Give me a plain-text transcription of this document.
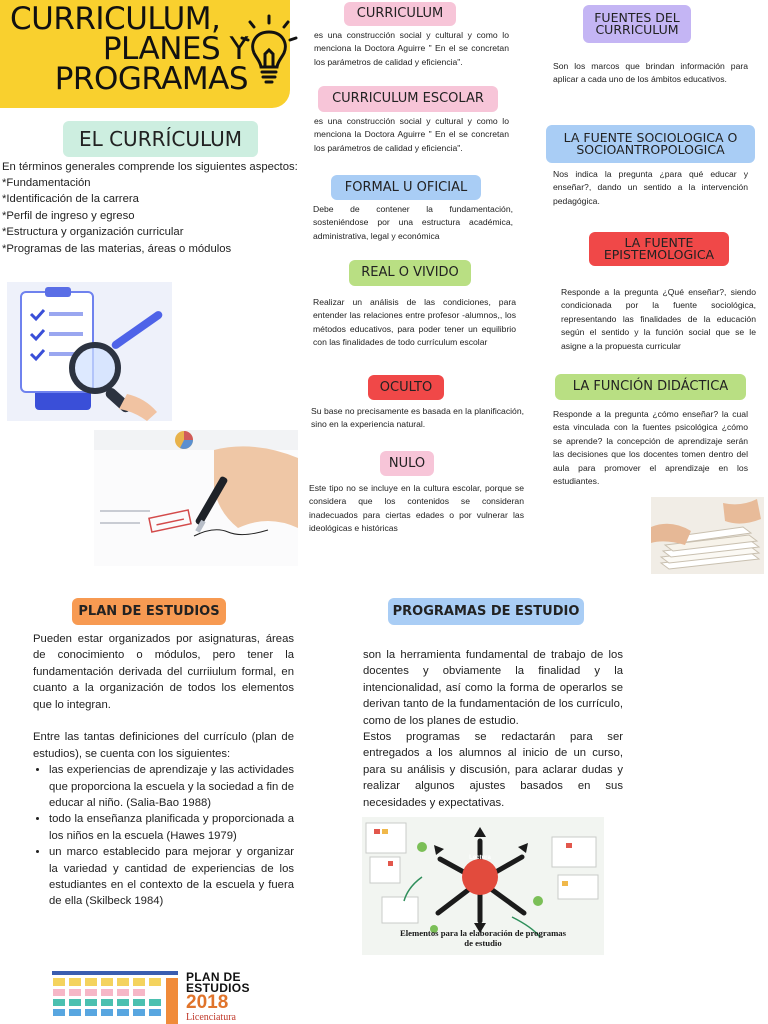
CURRICULUM,
PLANES Y
PROGRAMAS
EL CURRÍCULUM
En términos generales comprende los siguientes aspectos:
*Fundamentación
*Identificación de la carrera
*Perfil de ingreso y egreso
*Estructura y organización curricular
*Programas de las materias, áreas o módulos
CURRICULUM
es una construcción social y cultural y como lo menciona la Doctora Aguirre " En el se concretan los parámetros de calidad y eficiencia".
CURRICULUM ESCOLAR
es una construcción social y cultural y como lo menciona la Doctora Aguirre " En el se concretan los parámetros de calidad y eficiencia".
FORMAL U OFICIAL
Debe de contener la fundamentación, sosteniéndose por una estructura académica, administrativa, legal y económica
REAL O VIVIDO
Realizar un análisis de las condiciones, para entender las relaciones entre profesor -alumnos,, los métodos educativos, para poder tener un equilibrio con las finalidades de todo currículum escolar
OCULTO
Su base no precisamente es basada en la planificación, sino en la experiencia natural.
NULO
Este tipo no se incluye en la cultura escolar, porque se considera que los contenidos se consideran inadecuados para ciertas edades o por vulnerar las ideológicas e históricas
FUENTES DEL
CURRICULUM
Son los marcos que brindan información para aplicar a cada uno de los ámbitos educativos.
LA FUENTE SOCIOLOGICA O
SOCIOANTROPOLOGICA
Nos indica la pregunta ¿para qué educar y enseñar?, dando un sentido a la intervención pedagógica.
LA FUENTE
EPISTEMOLOGICA
Responde a la pregunta ¿Qué enseñar?, siendo condicionada por la fuente sociológica, representando las finalidades de la educación según el sentido y la función social que se le asigne a la propuesta curricular
LA FUNCIÓN DIDÁCTICA
Responde a la pregunta ¿cómo enseñar? la cual esta vinculada con la fuentes psicológica ¿cómo se aprende? la concepción de aprendizaje serán las decisiones que los docentes tomen dentro del aula para promover el aprendizaje en los estudiantes.
PLAN DE ESTUDIOS

Pueden estar organizados por asignaturas, áreas de conocimiento o módulos, pero tener la fundamentación derivada del curriiulum formal, en cuanto a la organización de todos los elementos que lo integran.

Entre las tantas definiciones del currículo (plan de estudios), se cuenta con los siguientes:

• las experiencias de aprendizaje y las actividades que proporciona la escuela y la sociedad a fin de educar al niño. (Salia-Bao 1988)
• todo la enseñanza planificada y proporcionada a los niños en la escuela (Hawes 1979)
• un marco establecido para mejorar y organizar la variedad y cantidad de experiencias de los estudiantes en el contexto de la escuela y fuera de ella (Skilbeck 1984)
PLAN DE
ESTUDIOS
2018
Licenciatura
PROGRAMAS DE ESTUDIO

son la herramienta fundamental de trabajo de los docentes y obviamente la finalidad y la intencionalidad, así como la forma de operarlos se derivan tanto de la fundamentación de los currículo, como de los planes de estudio.

Estos programas se redactarán para ser entregados a los alumnos al inicio de un curso, para su análisis y discusión, para aclarar dudas y realizar algunos ajustes basados en sus necesidades y expectativas.

Lectura
Elementos para la elaboración de programas de estudio
